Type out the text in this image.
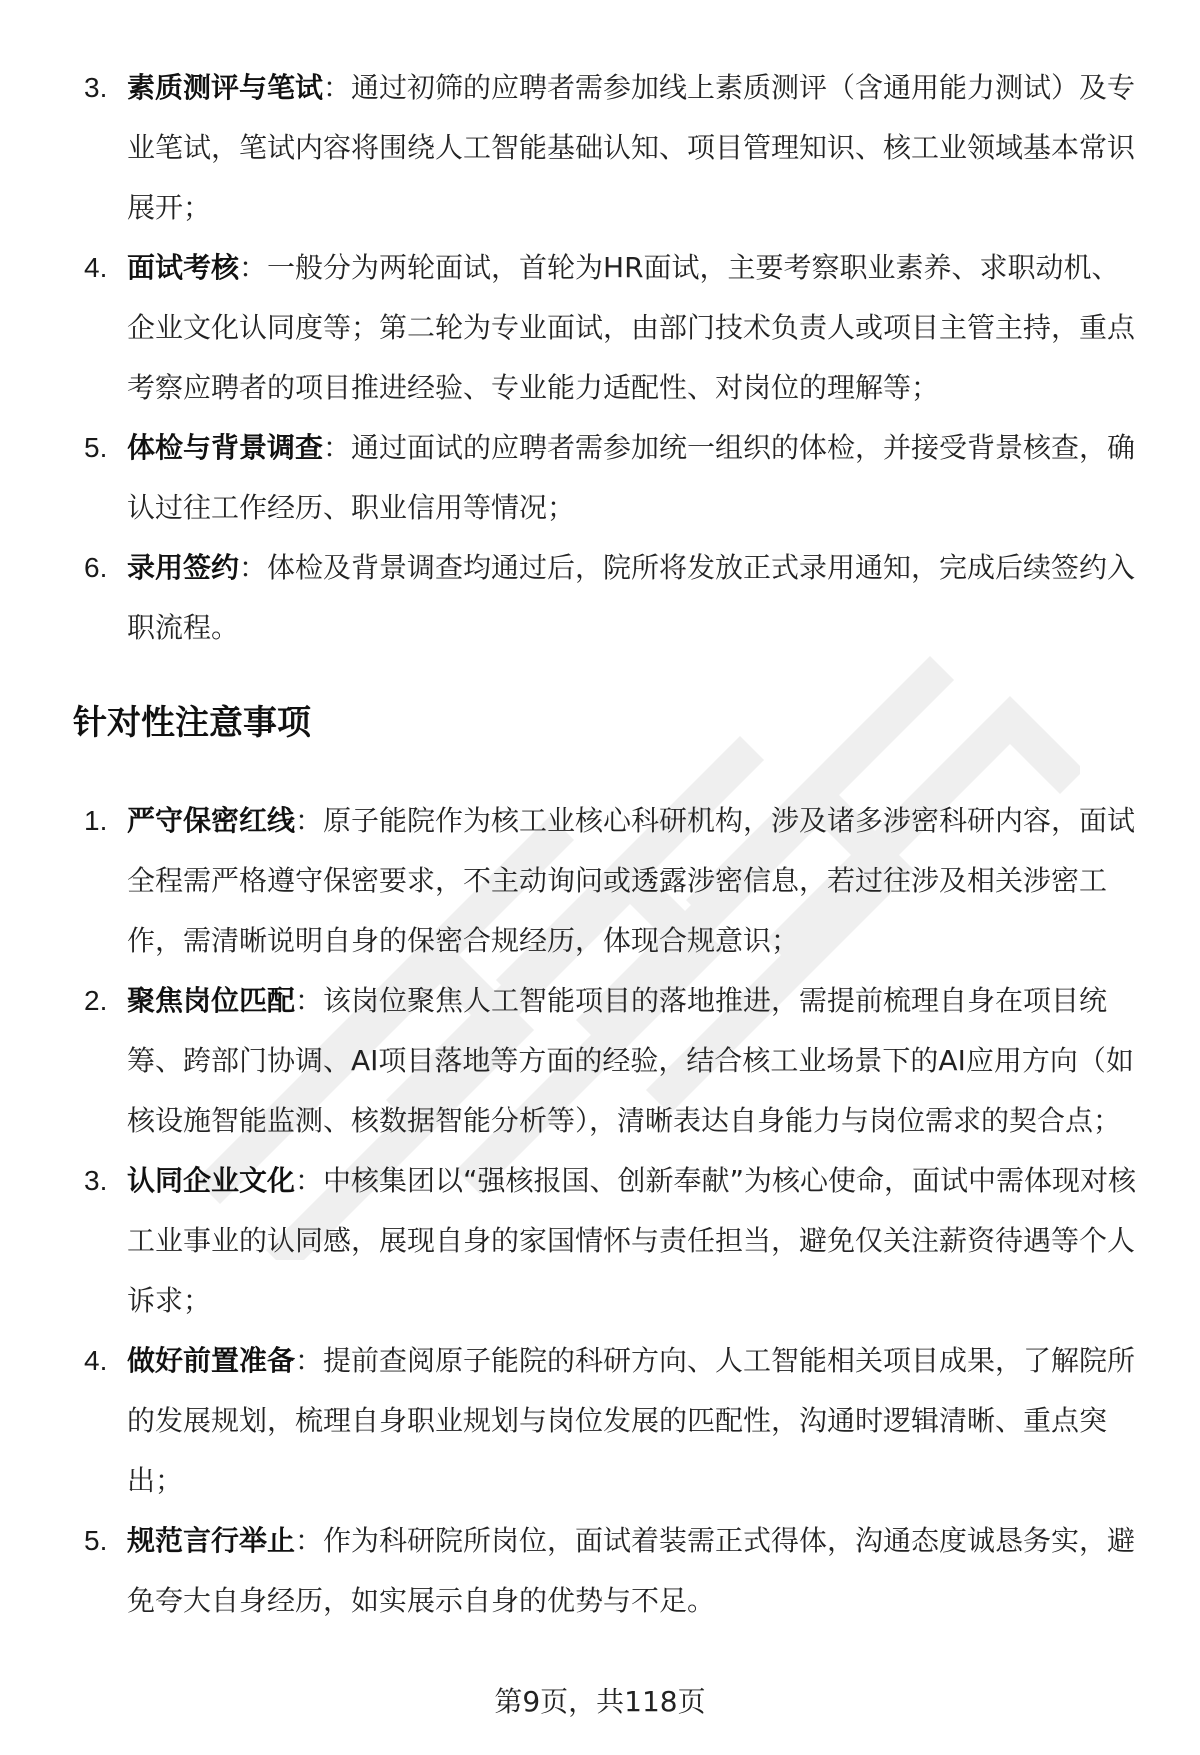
3. 素质测评与笔试：通过初筛的应聘者需参加线上素质测评（含通用能力测试）及专业笔试，笔试内容将围绕人工智能基础认知、项目管理知识、核工业领域基本常识展开；
4. 面试考核：一般分为两轮面试，首轮为HR面试，主要考察职业素养、求职动机、企业文化认同度等；第二轮为专业面试，由部门技术负责人或项目主管主持，重点考察应聘者的项目推进经验、专业能力适配性、对岗位的理解等；
5. 体检与背景调查：通过面试的应聘者需参加统一组织的体检，并接受背景核查，确认过往工作经历、职业信用等情况；
6. 录用签约：体检及背景调查均通过后，院所将发放正式录用通知，完成后续签约入职流程。
针对性注意事项
1. 严守保密红线：原子能院作为核工业核心科研机构，涉及诸多涉密科研内容，面试全程需严格遵守保密要求，不主动询问或透露涉密信息，若过往涉及相关涉密工作，需清晰说明自身的保密合规经历，体现合规意识；
2. 聚焦岗位匹配：该岗位聚焦人工智能项目的落地推进，需提前梳理自身在项目统筹、跨部门协调、AI项目落地等方面的经验，结合核工业场景下的AI应用方向（如核设施智能监测、核数据智能分析等），清晰表达自身能力与岗位需求的契合点；
3. 认同企业文化：中核集团以“强核报国、创新奉献”为核心使命，面试中需体现对核工业事业的认同感，展现自身的家国情怀与责任担当，避免仅关注薪资待遇等个人诉求；
4. 做好前置准备：提前查阅原子能院的科研方向、人工智能相关项目成果，了解院所的发展规划，梳理自身职业规划与岗位发展的匹配性，沟通时逻辑清晰、重点突出；
5. 规范言行举止：作为科研院所岗位，面试着装需正式得体，沟通态度诚恳务实，避免夸大自身经历，如实展示自身的优势与不足。
第9页，共118页
